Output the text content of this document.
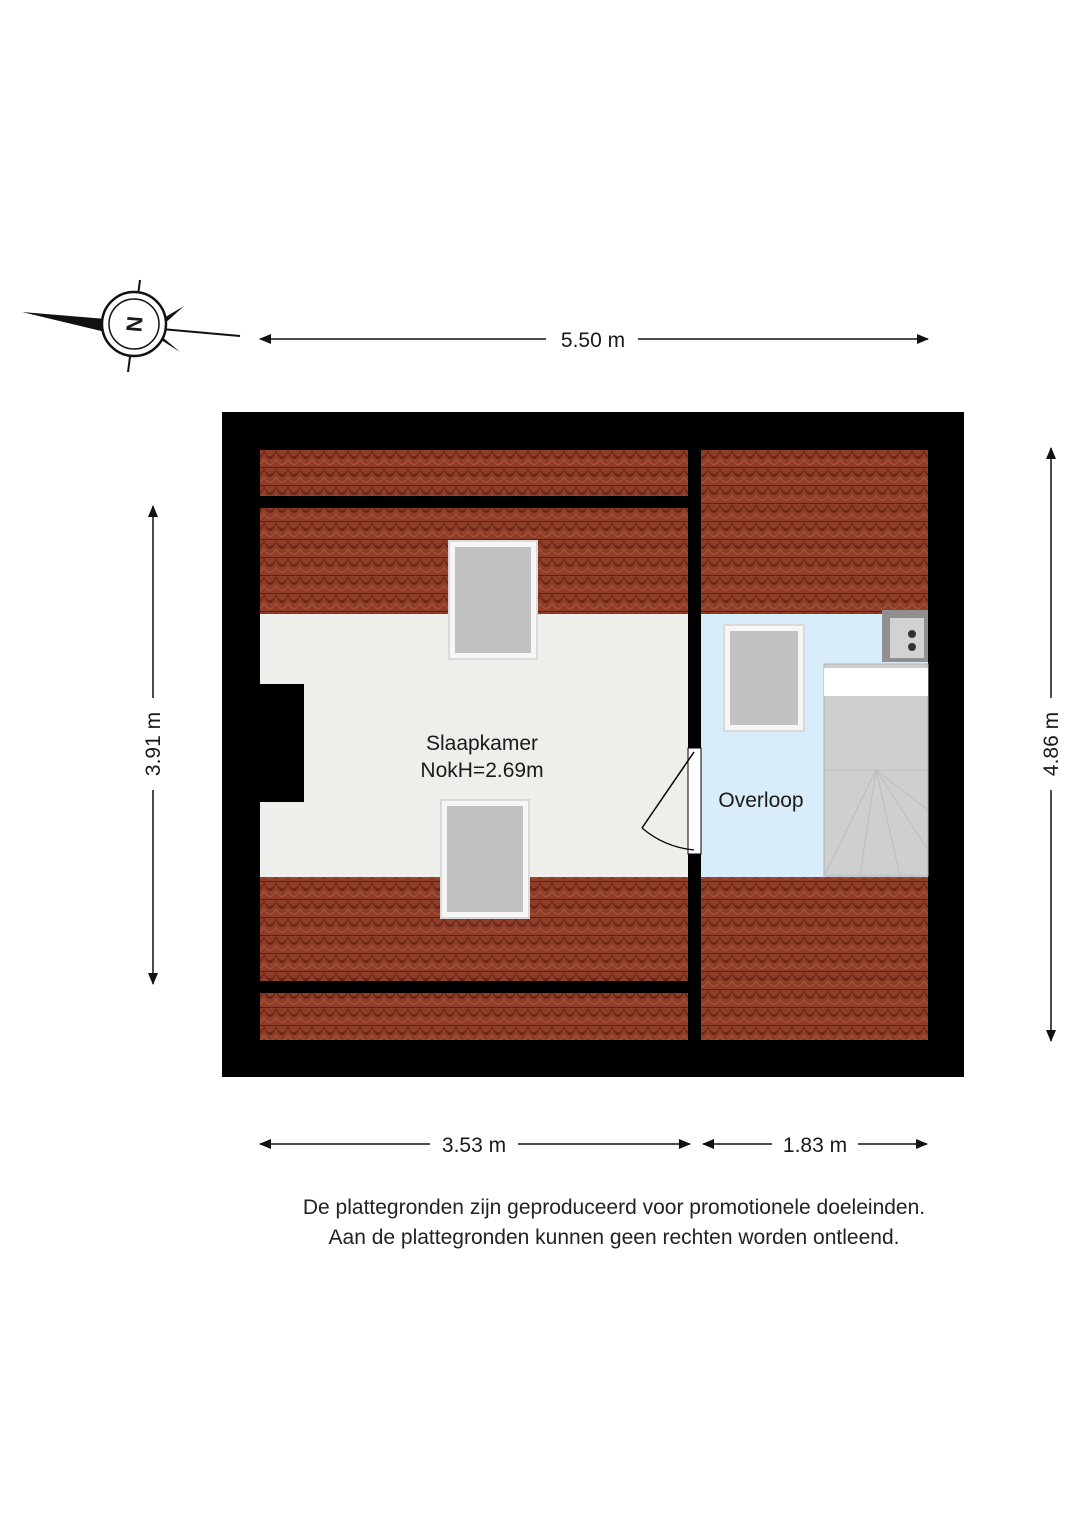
N
5.50 m
3.91 m	4.86 m
3.53 m	1.83 m
Slaapkamer
NokH=2.69m
Overloop
De plattegronden zijn geproduceerd voor promotionele doeleinden.
Aan de plattegronden kunnen geen rechten worden ontleend.
